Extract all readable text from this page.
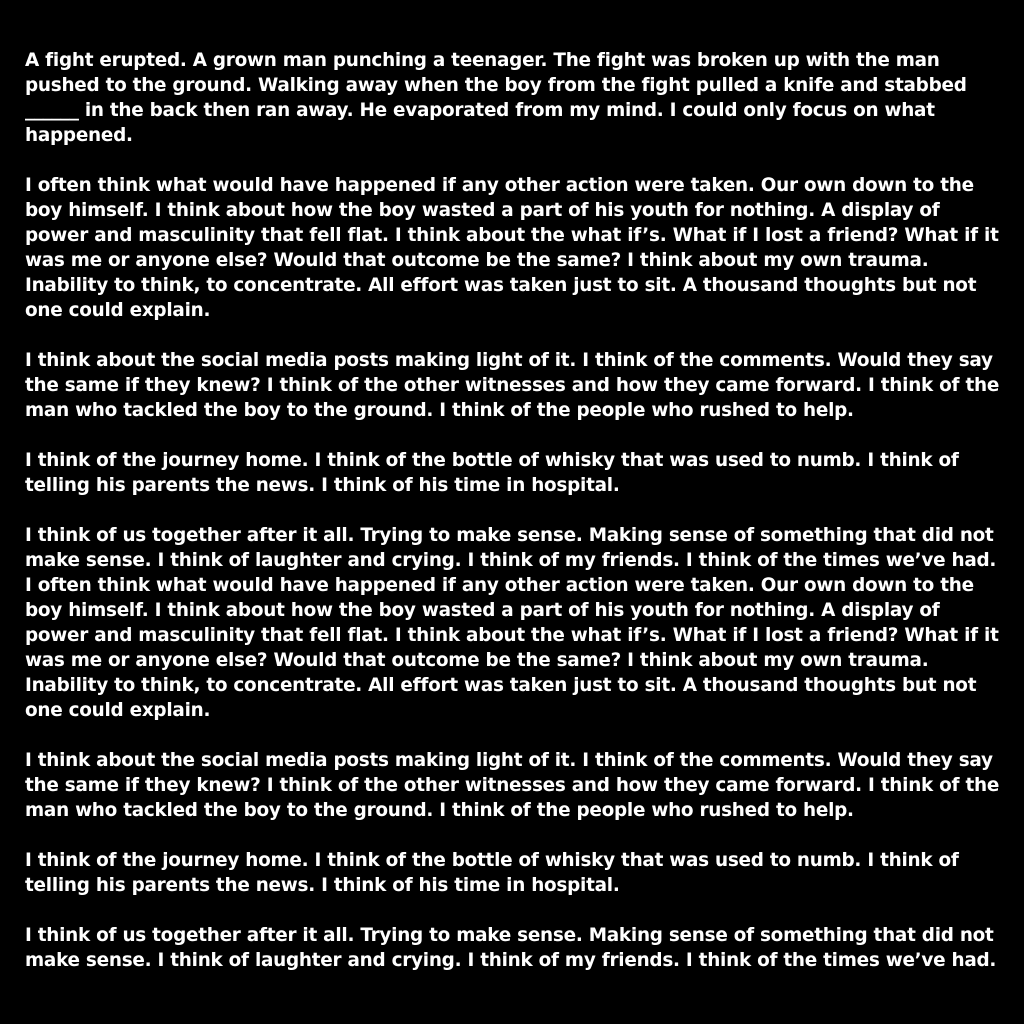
A fight erupted. A grown man punching a teenager. The fight was broken up with the man pushed to the ground. Walking away when the boy from the fight pulled a knife and stabbed ______ in the back then ran away. He evaporated from my mind. I could only focus on what happened.

I often think what would have happened if any other action were taken. Our own down to the boy himself. I think about how the boy wasted a part of his youth for nothing. A display of power and masculinity that fell flat. I think about the what if’s. What if I lost a friend? What if it was me or anyone else? Would that outcome be the same? I think about my own trauma. Inability to think, to concentrate. All effort was taken just to sit. A thousand thoughts but not one could explain.

I think about the social media posts making light of it. I think of the comments. Would they say the same if they knew? I think of the other witnesses and how they came forward. I think of the man who tackled the boy to the ground. I think of the people who rushed to help.

I think of the journey home. I think of the bottle of whisky that was used to numb. I think of telling his parents the news. I think of his time in hospital.

I think of us together after it all. Trying to make sense. Making sense of something that did not make sense. I think of laughter and crying. I think of my friends. I think of the times we’ve had.

I often think what would have happened if any other action were taken. Our own down to the boy himself. I think about how the boy wasted a part of his youth for nothing. A display of power and masculinity that fell flat. I think about the what if’s. What if I lost a friend? What if it was me or anyone else? Would that outcome be the same? I think about my own trauma. Inability to think, to concentrate. All effort was taken just to sit. A thousand thoughts but not one could explain.

I think about the social media posts making light of it. I think of the comments. Would they say the same if they knew? I think of the other witnesses and how they came forward. I think of the man who tackled the boy to the ground. I think of the people who rushed to help.

I think of the journey home. I think of the bottle of whisky that was used to numb. I think of telling his parents the news. I think of his time in hospital.

I think of us together after it all. Trying to make sense. Making sense of something that did not make sense. I think of laughter and crying. I think of my friends. I think of the times we’ve had.
